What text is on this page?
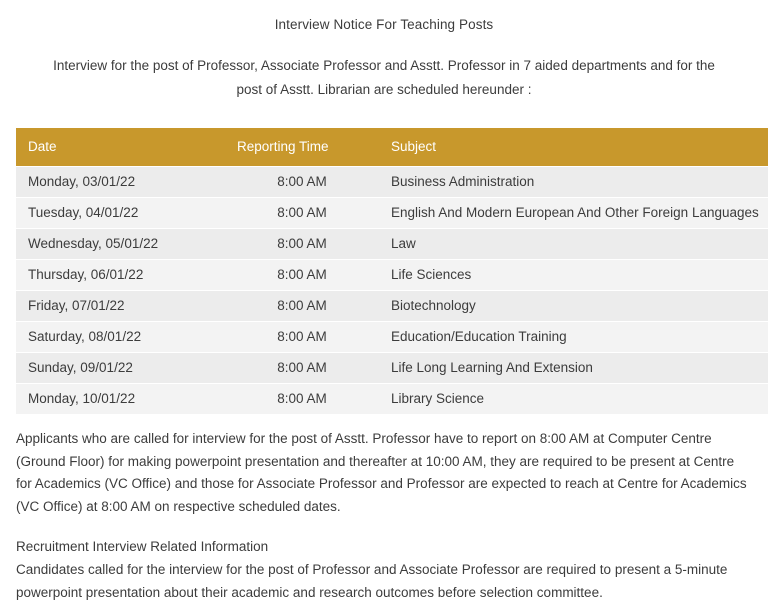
Interview Notice For Teaching Posts
Interview for the post of Professor, Associate Professor and Asstt. Professor in 7 aided departments and for the post of Asstt. Librarian are scheduled hereunder :
Date	Reporting Time	Subject
Monday, 03/01/22	8:00 AM	Business Administration
Tuesday, 04/01/22	8:00 AM	English And Modern European And Other Foreign Languages
Wednesday, 05/01/22	8:00 AM	Law
Thursday, 06/01/22	8:00 AM	Life Sciences
Friday, 07/01/22	8:00 AM	Biotechnology
Saturday, 08/01/22	8:00 AM	Education/Education Training
Sunday, 09/01/22	8:00 AM	Life Long Learning And Extension
Monday, 10/01/22	8:00 AM	Library Science
Applicants who are called for interview for the post of Asstt. Professor have to report on 8:00 AM at Computer Centre (Ground Floor) for making powerpoint presentation and thereafter at 10:00 AM, they are required to be present at Centre for Academics (VC Office) and those for Associate Professor and Professor are expected to reach at Centre for Academics (VC Office) at 8:00 AM on respective scheduled dates.
Recruitment Interview Related Information
Candidates called for the interview for the post of Professor and Associate Professor are required to present a 5-minute powerpoint presentation about their academic and research outcomes before selection committee.
